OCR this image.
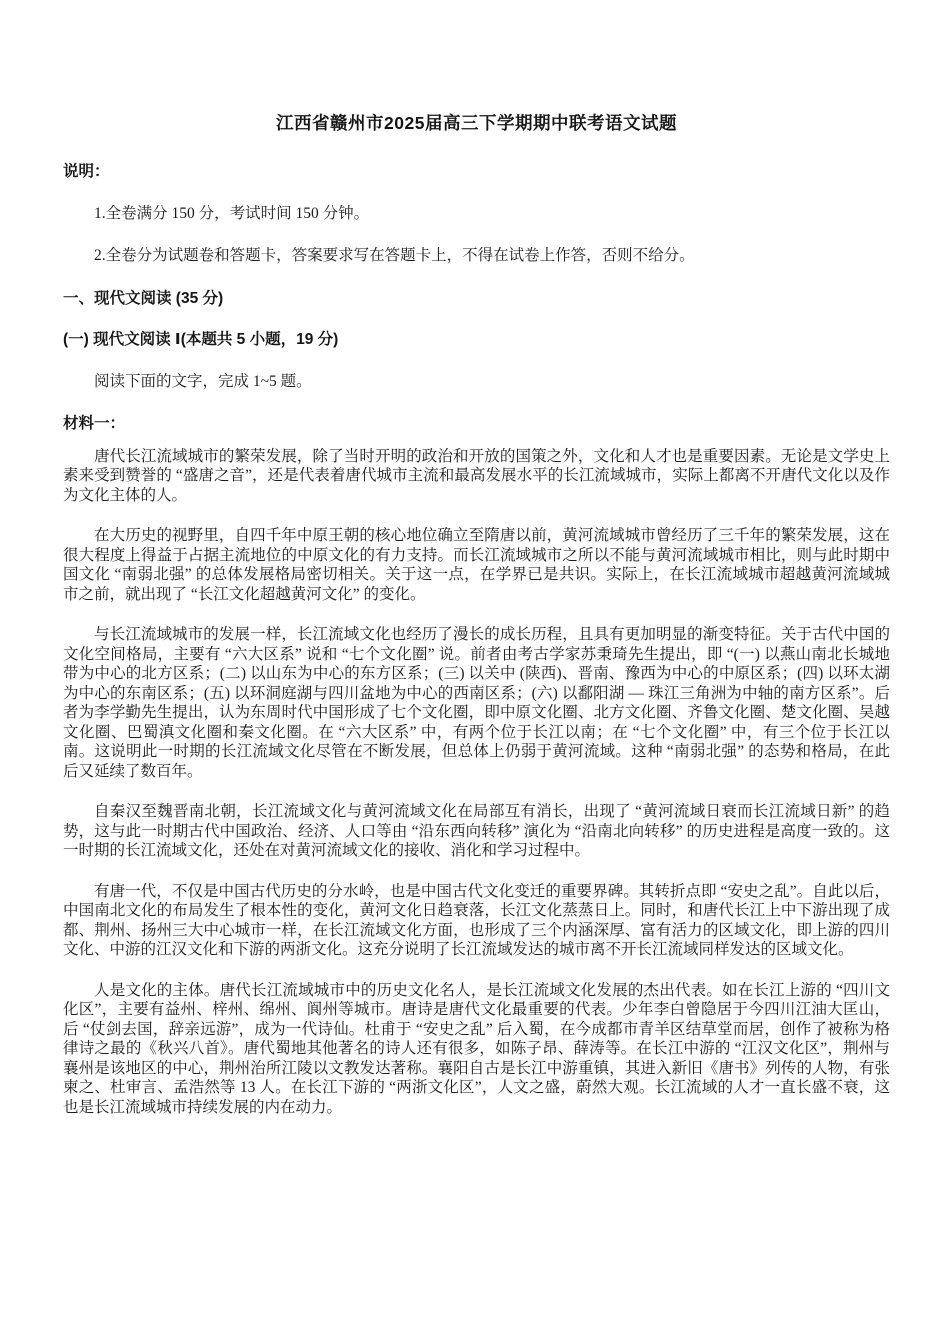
江西省赣州市2025届高三下学期期中联考语文试题
说明：

1.全卷满分 150 分，考试时间 150 分钟。

2.全卷分为试题卷和答题卡，答案要求写在答题卡上，不得在试卷上作答，否则不给分。

一、现代文阅读 (35 分)
(一) 现代文阅读 Ⅰ(本题共 5 小题，19 分)

阅读下面的文字，完成 1~5 题。

材料一：

唐代长江流域城市的繁荣发展，除了当时开明的政治和开放的国策之外，文化和人才也是重要因素。无论是文学史上素来受到赞誉的 “盛唐之音”，还是代表着唐代城市主流和最高发展水平的长江流域城市，实际上都离不开唐代文化以及作为文化主体的人。

在大历史的视野里，自四千年中原王朝的核心地位确立至隋唐以前，黄河流域城市曾经历了三千年的繁荣发展，这在很大程度上得益于占据主流地位的中原文化的有力支持。而长江流域城市之所以不能与黄河流域城市相比，则与此时期中国文化 “南弱北强” 的总体发展格局密切相关。关于这一点，在学界已是共识。实际上，在长江流域城市超越黄河流域城市之前，就出现了 “长江文化超越黄河文化” 的变化。

与长江流域城市的发展一样，长江流域文化也经历了漫长的成长历程，且具有更加明显的渐变特征。关于古代中国的文化空间格局，主要有 “六大区系” 说和 “七个文化圈” 说。前者由考古学家苏秉琦先生提出，即 “(一) 以燕山南北长城地带为中心的北方区系；(二) 以山东为中心的东方区系；(三) 以关中 (陕西)、晋南、豫西为中心的中原区系；(四) 以环太湖为中心的东南区系；(五) 以环洞庭湖与四川盆地为中心的西南区系；(六) 以鄱阳湖 — 珠江三角洲为中轴的南方区系”。后者为李学勤先生提出，认为东周时代中国形成了七个文化圈，即中原文化圈、北方文化圈、齐鲁文化圈、楚文化圈、吴越文化圈、巴蜀滇文化圈和秦文化圈。在 “六大区系” 中，有两个位于长江以南；在 “七个文化圈” 中，有三个位于长江以南。这说明此一时期的长江流域文化尽管在不断发展，但总体上仍弱于黄河流域。这种 “南弱北强” 的态势和格局，在此后又延续了数百年。

自秦汉至魏晋南北朝，长江流域文化与黄河流域文化在局部互有消长，出现了 “黄河流域日衰而长江流域日新” 的趋势，这与此一时期古代中国政治、经济、人口等由 “沿东西向转移” 演化为 “沿南北向转移” 的历史进程是高度一致的。这一时期的长江流域文化，还处在对黄河流域文化的接收、消化和学习过程中。

有唐一代，不仅是中国古代历史的分水岭，也是中国古代文化变迁的重要界碑。其转折点即 “安史之乱”。自此以后，中国南北文化的布局发生了根本性的变化，黄河文化日趋衰落，长江文化蒸蒸日上。同时，和唐代长江上中下游出现了成都、荆州、扬州三大中心城市一样，在长江流域文化方面，也形成了三个内涵深厚、富有活力的区域文化，即上游的四川文化、中游的江汉文化和下游的两浙文化。这充分说明了长江流域发达的城市离不开长江流域同样发达的区域文化。

人是文化的主体。唐代长江流域城市中的历史文化名人，是长江流域文化发展的杰出代表。如在长江上游的 “四川文化区”，主要有益州、梓州、绵州、阆州等城市。唐诗是唐代文化最重要的代表。少年李白曾隐居于今四川江油大匡山，后 “仗剑去国，辞亲远游”，成为一代诗仙。杜甫于 “安史之乱” 后入蜀，在今成都市青羊区结草堂而居，创作了被称为格律诗之最的《秋兴八首》。唐代蜀地其他著名的诗人还有很多，如陈子昂、薛涛等。在长江中游的 “江汉文化区”，荆州与襄州是该地区的中心，荆州治所江陵以文教发达著称。襄阳自古是长江中游重镇，其进入新旧《唐书》列传的人物，有张柬之、杜审言、孟浩然等 13 人。在长江下游的 “两浙文化区”，人文之盛，蔚然大观。长江流域的人才一直长盛不衰，这也是长江流域城市持续发展的内在动力。
